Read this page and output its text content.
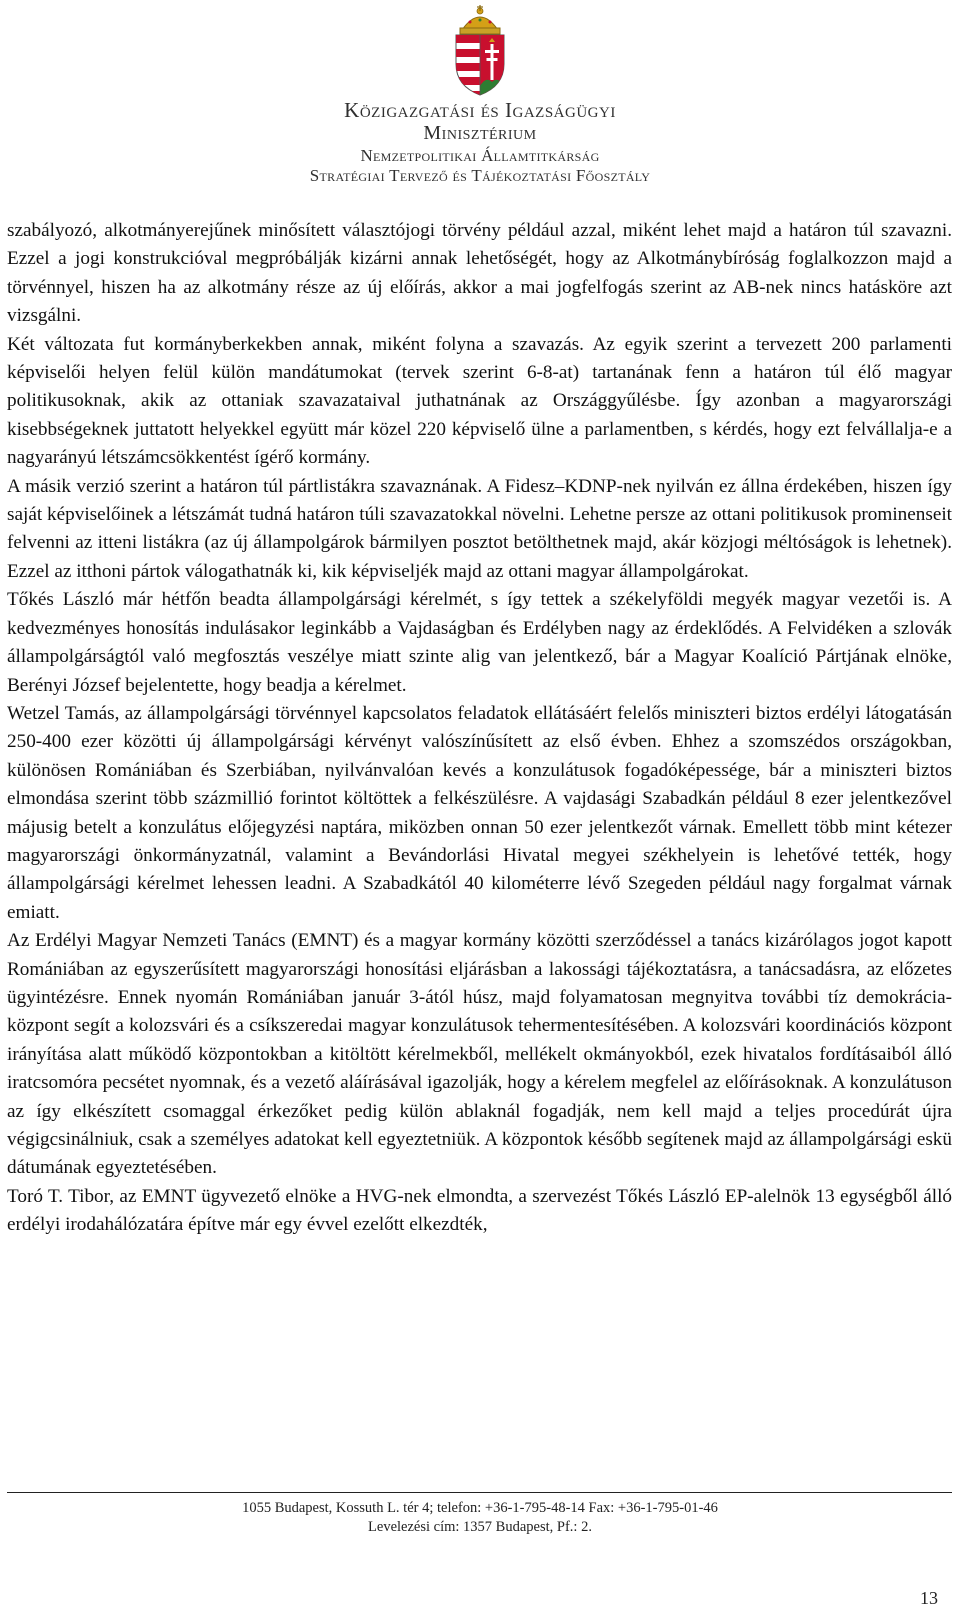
Közigazgatási és Igazságügyi
Minisztérium
Nemzetpolitikai Államtitkárság
Stratégiai Tervező és Tájékoztatási Főosztály

szabályozó, alkotmányerejűnek minősített választójogi törvény például azzal, miként lehet majd a határon túl szavazni. Ezzel a jogi konstrukcióval megpróbálják kizárni annak lehetőségét, hogy az Alkotmánybíróság foglalkozzon majd a törvénnyel, hiszen ha az alkotmány része az új előírás, akkor a mai jogfelfogás szerint az AB-nek nincs hatásköre azt vizsgálni.

Két változata fut kormányberkekben annak, miként folyna a szavazás. Az egyik szerint a tervezett 200 parlamenti képviselői helyen felül külön mandátumokat (tervek szerint 6-8-at) tartanának fenn a határon túl élő magyar politikusoknak, akik az ottaniak szavazataival juthatnának az Országgyűlésbe. Így azonban a magyarországi kisebbségeknek juttatott helyekkel együtt már közel 220 képviselő ülne a parlamentben, s kérdés, hogy ezt felvállalja-e a nagyarányú létszámcsökkentést ígérő kormány.

A másik verzió szerint a határon túl pártlistákra szavaznának. A Fidesz–KDNP-nek nyilván ez állna érdekében, hiszen így saját képviselőinek a létszámát tudná határon túli szavazatokkal növelni. Lehetne persze az ottani politikusok prominenseit felvenni az itteni listákra (az új állampolgárok bármilyen posztot betölthetnek majd, akár közjogi méltóságok is lehetnek). Ezzel az itthoni pártok válogathatnák ki, kik képviseljék majd az ottani magyar állampolgárokat.

Tőkés László már hétfőn beadta állampolgársági kérelmét, s így tettek a székelyföldi megyék magyar vezetői is. A kedvezményes honosítás indulásakor leginkább a Vajdaságban és Erdélyben nagy az érdeklődés. A Felvidéken a szlovák állampolgárságtól való megfosztás veszélye miatt szinte alig van jelentkező, bár a Magyar Koalíció Pártjának elnöke, Berényi József bejelentette, hogy beadja a kérelmet.

Wetzel Tamás, az állampolgársági törvénnyel kapcsolatos feladatok ellátásáért felelős miniszteri biztos erdélyi látogatásán 250-400 ezer közötti új állampolgársági kérvényt valószínűsített az első évben. Ehhez a szomszédos országokban, különösen Romániában és Szerbiában, nyilvánvalóan kevés a konzulátusok fogadóképessége, bár a miniszteri biztos elmondása szerint több százmillió forintot költöttek a felkészülésre. A vajdasági Szabadkán például 8 ezer jelentkezővel májusig betelt a konzulátus előjegyzési naptára, miközben onnan 50 ezer jelentkezőt várnak. Emellett több mint kétezer magyarországi önkormányzatnál, valamint a Bevándorlási Hivatal megyei székhelyein is lehetővé tették, hogy állampolgársági kérelmet lehessen leadni. A Szabadkától 40 kilométerre lévő Szegeden például nagy forgalmat várnak emiatt.

Az Erdélyi Magyar Nemzeti Tanács (EMNT) és a magyar kormány közötti szerződéssel a tanács kizárólagos jogot kapott Romániában az egyszerűsített magyarországi honosítási eljárásban a lakossági tájékoztatásra, a tanácsadásra, az előzetes ügyintézésre. Ennek nyomán Romániában január 3-ától húsz, majd folyamatosan megnyitva további tíz demokrácia-központ segít a kolozsvári és a csíkszeredai magyar konzulátusok tehermentesítésében. A kolozsvári koordinációs központ irányítása alatt működő központokban a kitöltött kérelmekből, mellékelt okmányokból, ezek hivatalos fordításaiból álló iratcsomóra pecsétet nyomnak, és a vezető aláírásával igazolják, hogy a kérelem megfelel az előírásoknak. A konzulátuson az így elkészített csomaggal érkezőket pedig külön ablaknál fogadják, nem kell majd a teljes procedúrát újra végigcsinálniuk, csak a személyes adatokat kell egyeztetniük. A központok később segítenek majd az állampolgársági eskü dátumának egyeztetésében.

Toró T. Tibor, az EMNT ügyvezető elnöke a HVG-nek elmondta, a szervezést Tőkés László EP-alelnök 13 egységből álló erdélyi irodahálózatára építve már egy évvel ezelőtt elkezdték,

1055 Budapest, Kossuth L. tér 4; telefon: +36-1-795-48-14 Fax: +36-1-795-01-46
Levelezési cím: 1357 Budapest, Pf.: 2.
13
